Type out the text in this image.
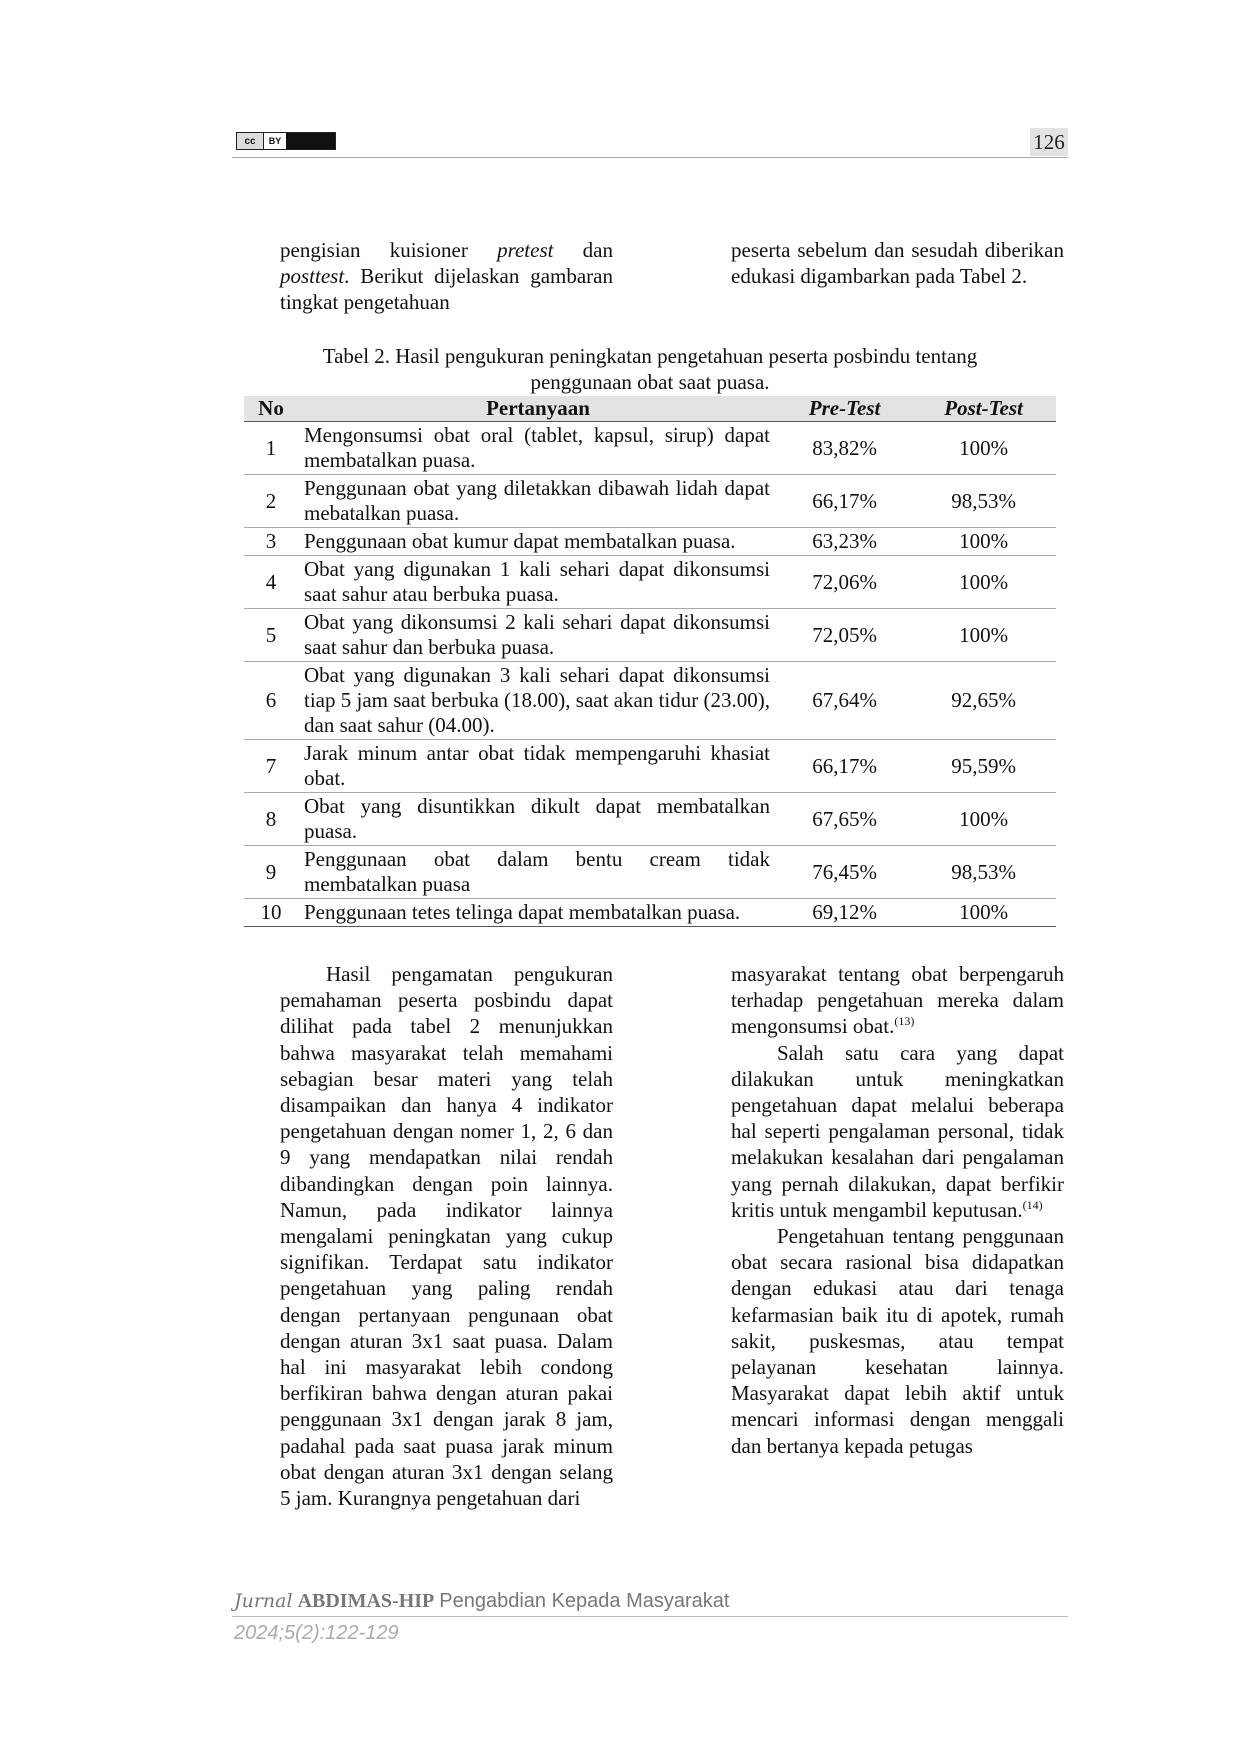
cc	BY	126

pengisian kuisioner pretest dan posttest. Berikut dijelaskan gambaran tingkat pengetahuan

peserta sebelum dan sesudah diberikan edukasi digambarkan pada Tabel 2.

Tabel 2. Hasil pengukuran peningkatan pengetahuan peserta posbindu tentang
penggunaan obat saat puasa.
No	Pertanyaan	Pre-Test	Post-Test
1	Mengonsumsi obat oral (tablet, kapsul, sirup) dapat membatalkan puasa.	83,82%	100%
2	Penggunaan obat yang diletakkan dibawah lidah dapat mebatalkan puasa.	66,17%	98,53%
3	Penggunaan obat kumur dapat membatalkan puasa.	63,23%	100%
4	Obat yang digunakan 1 kali sehari dapat dikonsumsi saat sahur atau berbuka puasa.	72,06%	100%
5	Obat yang dikonsumsi 2 kali sehari dapat dikonsumsi saat sahur dan berbuka puasa.	72,05%	100%
6	Obat yang digunakan 3 kali sehari dapat dikonsumsi tiap 5 jam saat berbuka (18.00), saat akan tidur (23.00), dan saat sahur (04.00).	67,64%	92,65%
7	Jarak minum antar obat tidak mempengaruhi khasiat obat.	66,17%	95,59%
8	Obat yang disuntikkan dikult dapat membatalkan puasa.	67,65%	100%
9	Penggunaan obat dalam bentu cream tidak membatalkan puasa	76,45%	98,53%
10	Penggunaan tetes telinga dapat membatalkan puasa.	69,12%	100%

Hasil pengamatan pengukuran pemahaman peserta posbindu dapat dilihat pada tabel 2 menunjukkan bahwa masyarakat telah memahami sebagian besar materi yang telah disampaikan dan hanya 4 indikator pengetahuan dengan nomer 1, 2, 6 dan 9 yang mendapatkan nilai rendah dibandingkan dengan poin lainnya. Namun, pada indikator lainnya mengalami peningkatan yang cukup signifikan. Terdapat satu indikator pengetahuan yang paling rendah dengan pertanyaan pengunaan obat dengan aturan 3x1 saat puasa. Dalam hal ini masyarakat lebih condong berfikiran bahwa dengan aturan pakai penggunaan 3x1 dengan jarak 8 jam, padahal pada saat puasa jarak minum obat dengan aturan 3x1 dengan selang 5 jam. Kurangnya pengetahuan dari

masyarakat tentang obat berpengaruh terhadap pengetahuan mereka dalam mengonsumsi obat.$^{(13)}$

Salah satu cara yang dapat dilakukan untuk meningkatkan pengetahuan dapat melalui beberapa hal seperti pengalaman personal, tidak melakukan kesalahan dari pengalaman yang pernah dilakukan, dapat berfikir kritis untuk mengambil keputusan.$^{(14)}$

Pengetahuan tentang penggunaan obat secara rasional bisa didapatkan dengan edukasi atau dari tenaga kefarmasian baik itu di apotek, rumah sakit, puskesmas, atau tempat pelayanan kesehatan lainnya. Masyarakat dapat lebih aktif untuk mencari informasi dengan menggali dan bertanya kepada petugas

Jurnal ABDIMAS-HIP Pengabdian Kepada Masyarakat
2024;5(2):122-129
